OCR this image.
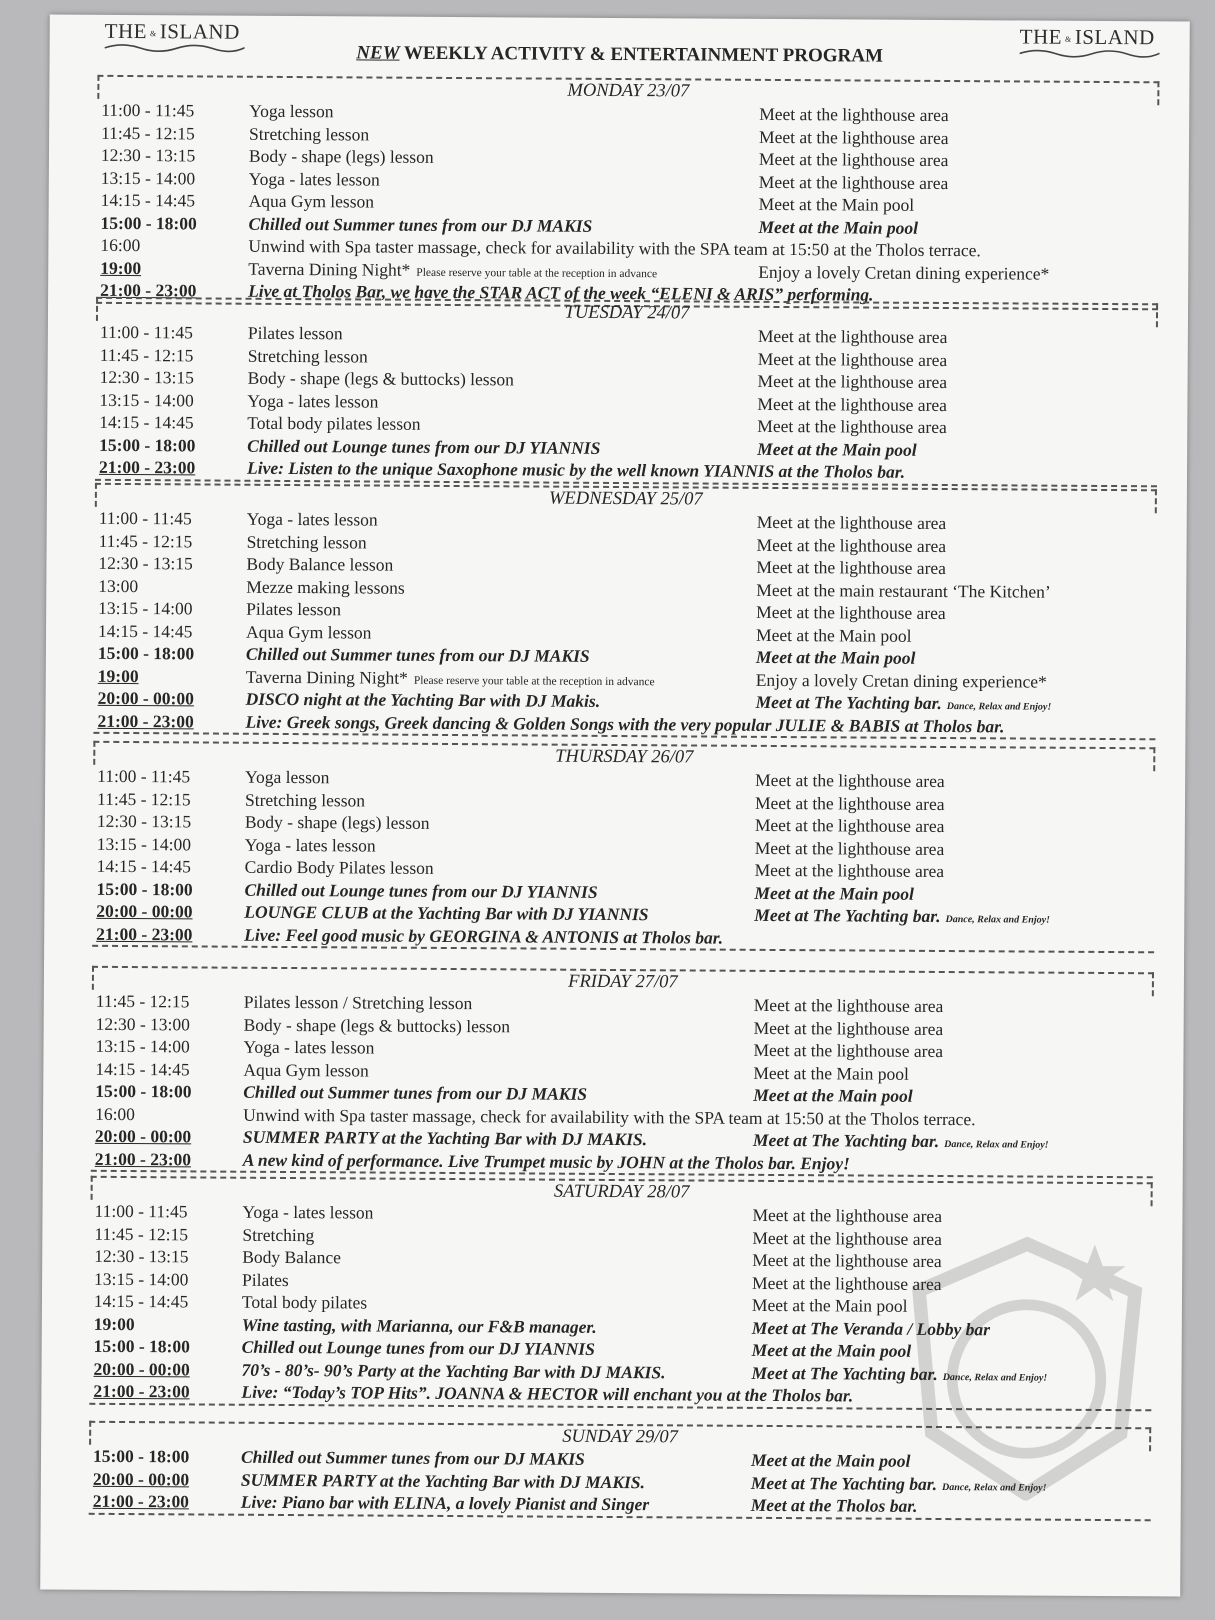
THE & ISLAND	THE & ISLAND
NEW WEEKLY ACTIVITY & ENTERTAINMENT PROGRAM
MONDAY 23/07
11:00 - 11:45	Yoga lesson	Meet at the lighthouse area
11:45 - 12:15	Stretching lesson	Meet at the lighthouse area
12:30 - 13:15	Body - shape (legs) lesson	Meet at the lighthouse area
13:15 - 14:00	Yoga - lates lesson	Meet at the lighthouse area
14:15 - 14:45	Aqua Gym lesson	Meet at the Main pool
15:00 - 18:00	Chilled out Summer tunes from our DJ MAKIS	Meet at the Main pool
16:00	Unwind with Spa taster massage, check for availability with the SPA team at 15:50 at the Tholos terrace.
19:00	Taverna Dining Night* Please reserve your table at the reception in advance	Enjoy a lovely Cretan dining experience*
21:00 - 23:00	Live at Tholos Bar, we have the STAR ACT of the week “ELENI & ARIS” performing.
TUESDAY 24/07
11:00 - 11:45	Pilates lesson	Meet at the lighthouse area
11:45 - 12:15	Stretching lesson	Meet at the lighthouse area
12:30 - 13:15	Body - shape (legs & buttocks) lesson	Meet at the lighthouse area
13:15 - 14:00	Yoga - lates lesson	Meet at the lighthouse area
14:15 - 14:45	Total body pilates lesson	Meet at the lighthouse area
15:00 - 18:00	Chilled out Lounge tunes from our DJ YIANNIS	Meet at the Main pool
21:00 - 23:00	Live: Listen to the unique Saxophone music by the well known YIANNIS at the Tholos bar.
WEDNESDAY 25/07
11:00 - 11:45	Yoga - lates lesson	Meet at the lighthouse area
11:45 - 12:15	Stretching lesson	Meet at the lighthouse area
12:30 - 13:15	Body Balance lesson	Meet at the lighthouse area
13:00	Mezze making lessons	Meet at the main restaurant ‘The Kitchen’
13:15 - 14:00	Pilates lesson	Meet at the lighthouse area
14:15 - 14:45	Aqua Gym lesson	Meet at the Main pool
15:00 - 18:00	Chilled out Summer tunes from our DJ MAKIS	Meet at the Main pool
19:00	Taverna Dining Night* Please reserve your table at the reception in advance	Enjoy a lovely Cretan dining experience*
20:00 - 00:00	DISCO night at the Yachting Bar with DJ Makis.	Meet at The Yachting bar. Dance, Relax and Enjoy!
21:00 - 23:00	Live: Greek songs, Greek dancing & Golden Songs with the very popular JULIE & BABIS at Tholos bar.
THURSDAY 26/07
11:00 - 11:45	Yoga lesson	Meet at the lighthouse area
11:45 - 12:15	Stretching lesson	Meet at the lighthouse area
12:30 - 13:15	Body - shape (legs) lesson	Meet at the lighthouse area
13:15 - 14:00	Yoga - lates lesson	Meet at the lighthouse area
14:15 - 14:45	Cardio Body Pilates lesson	Meet at the lighthouse area
15:00 - 18:00	Chilled out Lounge tunes from our DJ YIANNIS	Meet at the Main pool
20:00 - 00:00	LOUNGE CLUB at the Yachting Bar with DJ YIANNIS	Meet at The Yachting bar. Dance, Relax and Enjoy!
21:00 - 23:00	Live: Feel good music by GEORGINA & ANTONIS at Tholos bar.
FRIDAY 27/07
11:45 - 12:15	Pilates lesson / Stretching lesson	Meet at the lighthouse area
12:30 - 13:00	Body - shape (legs & buttocks) lesson	Meet at the lighthouse area
13:15 - 14:00	Yoga - lates lesson	Meet at the lighthouse area
14:15 - 14:45	Aqua Gym lesson	Meet at the Main pool
15:00 - 18:00	Chilled out Summer tunes from our DJ MAKIS	Meet at the Main pool
16:00	Unwind with Spa taster massage, check for availability with the SPA team at 15:50 at the Tholos terrace.
20:00 - 00:00	SUMMER PARTY at the Yachting Bar with DJ MAKIS.	Meet at The Yachting bar. Dance, Relax and Enjoy!
21:00 - 23:00	A new kind of performance. Live Trumpet music by JOHN at the Tholos bar. Enjoy!
SATURDAY 28/07
11:00 - 11:45	Yoga - lates lesson	Meet at the lighthouse area
11:45 - 12:15	Stretching	Meet at the lighthouse area
12:30 - 13:15	Body Balance	Meet at the lighthouse area
13:15 - 14:00	Pilates	Meet at the lighthouse area
14:15 - 14:45	Total body pilates	Meet at the Main pool
19:00	Wine tasting, with Marianna, our F&B manager.	Meet at The Veranda / Lobby bar
15:00 - 18:00	Chilled out Lounge tunes from our DJ YIANNIS	Meet at the Main pool
20:00 - 00:00	70’s - 80’s- 90’s Party at the Yachting Bar with DJ MAKIS.	Meet at The Yachting bar. Dance, Relax and Enjoy!
21:00 - 23:00	Live: “Today’s TOP Hits”. JOANNA & HECTOR will enchant you at the Tholos bar.
SUNDAY 29/07
15:00 - 18:00	Chilled out Summer tunes from our DJ MAKIS	Meet at the Main pool
20:00 - 00:00	SUMMER PARTY at the Yachting Bar with DJ MAKIS.	Meet at The Yachting bar. Dance, Relax and Enjoy!
21:00 - 23:00	Live: Piano bar with ELINA, a lovely Pianist and Singer	Meet at the Tholos bar.
